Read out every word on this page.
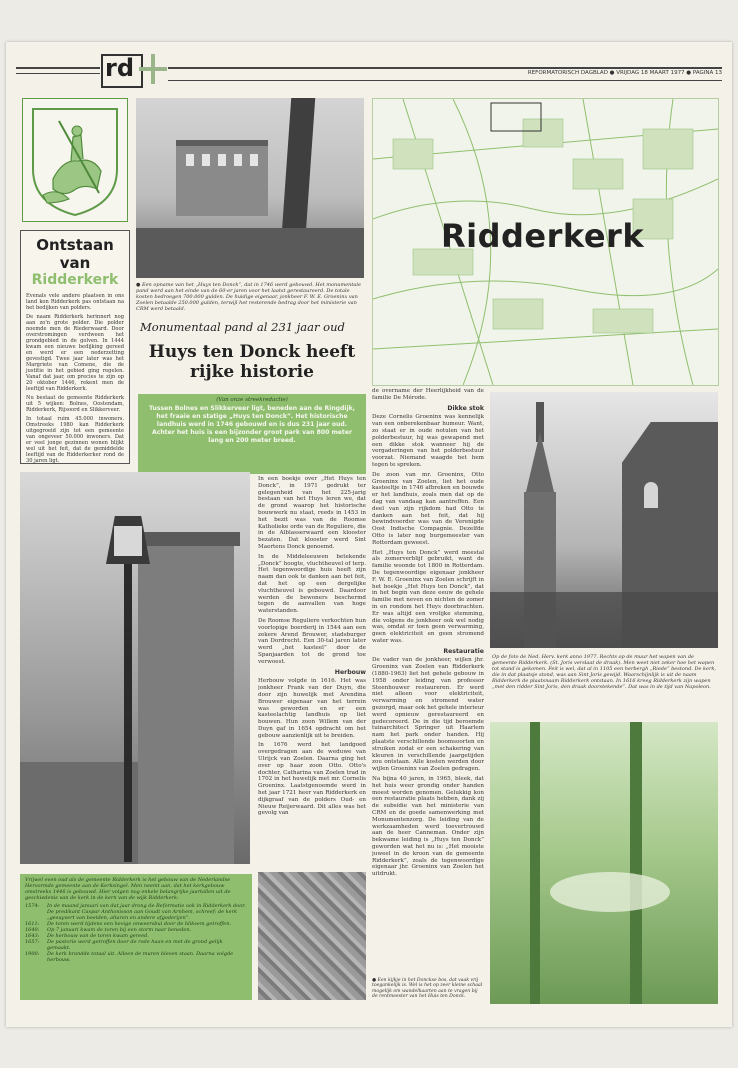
rd	REFORMATORISCH DAGBLAD ● VRIJDAG 18 MAART 1977 ● PAGINA 13
Ontstaan van
Ridderkerk

Evenals vele andere plaatsen in ons land kon Ridderkerk pas ontstaan na het bedijken van polders.

De naam Ridderkerk herinnert nog aan zo'n grote polder. Die polder noemde men de Riederwaard. Door overstromingen verdween het grondgebied in de golven. In 1444 kwam een nieuwe bedijking gereed en werd er een nederzetting gevestigd. Twee jaar later was het Margriete van Comene, die de justitie in het gebied ging regelen. Vanaf dat jaar, om precies te zijn op 20 oktober 1446, rekent men de leeftijd van Ridderkerk.

Nu bestaat de gemeente Ridderkerk uit 5 wijken: Bolnes, Oostendam, Ridderkerk, Rijsoord en Slikkerveer.

In totaal ruim 45.000 inwoners. Omstreeks 1980 kan Ridderkerk uitgegroeid zijn tot een gemeente van ongeveer 50.000 inwoners. Dat er veel jonge gezinnen wonen blijkt wel uit het feit, dat de gemiddelde leeftijd van de Ridderkerker rond de 30 jaren ligt.

● Een opname van het „Huys ten Donck”, dat in 1746 werd gebouwd. Het monumentale pand werd aan het einde van de 60-er jaren voor het laatst gerestaureerd. De totale kosten bedroegen 700.000 gulden. De huidige eigenaar, jonkheer F. W. E. Groeninx van Zoelen betaalde 250.000 gulden, terwijl het resterende bedrag door het ministerie van CRM werd betaald.
Monumentaal pand al 231 jaar oud
Huys ten Donck heeft rijke historie
Ridderkerk
(Van onze streekredactie)
Tussen Bolnes en Slikkerveer ligt, beneden aan de Ringdijk, het fraaie en statige „Huys ten Donck”. Het historische landhuis werd in 1746 gebouwd en is dus 231 jaar oud. Achter het huis is een bijzonder groot park van 800 meter lang en 200 meter breed.

In een boekje over „Het Huys ten Donck”, in 1971 gedrukt ter gelegenheid van het 225-jarig bestaan van het Huys leren we, dat de grond waarop het historische bouwwerk nu staat, reeds in 1453 in het bezit was van de Roomse Katholieke orde van de Reguliere, die in de Alblasserwaard een klooster bezaten. Dat klooster werd Sint Maertens Donck genoemd.

In de Middeleeuwen betekende „Donck” hoogte, vluchtheuvel of terp. Het tegenwoordige huis heeft zijn naam dan ook te danken aan het feit, dat het op een dergelijke vluchtheuvel is gebouwd. Daardoor werden de bewoners beschermd tegen de aanvallen van hoge waterstanden.

De Roomse Reguliere verkochten hun voorlopige boerderij in 1544 aan een zekere Arend Brouwer, stadsburger van Dordrecht. Een 30-tal jaren later werd „het kasteel” door de Spanjaarden tot de grond toe verwoest.

Herbouw

Herbouw volgde in 1616. Het was jonkheer Frank van der Duyn, die door zijn huwelijk met Arendina Brouwer eigenaar van het terrein was geworden en er een kasteelachtig landhuis op liet bouwen. Hun zoon Willem van der Duyn gaf in 1654 opdracht om het gebouw aanzienlijk uit te breiden.

In 1676 werd het landgoed overgedragen aan de weduwe van Ulrijck van Zoelen. Daarna ging het over op haar zoon Otto. Otto's dochter, Catharina van Zoelen trad in 1702 in het huwelijk met mr. Cornelis Groeninx. Laatstgenoemde werd in het jaar 1721 heer van Ridderkerk en dijkgraaf van de polders Oud- en Nieuw Reijerwaard. Dit alles was het gevolg van

de overname der Heerlijkheid van de familie De Mérode.

Dikke stok

Deze Cornelis Groeninx was kennelijk van een onberekenbaar humeur. Want, zo staat er in oude notulen van het polderbestuur, hij was gewapend met een dikke stok wanneer hij de vergaderingen van het polderbestuur voorzat. Niemand waagde het hem tegen te spreken.

De zoon van mr. Groeninx, Otto Groeninx van Zoelen, liet het oude kasteeltje in 1746 afbreken en bouwde er het landhuis, zoals men dat op de dag van vandaag kan aantreffen. Een deel van zijn rijkdom had Otto te danken aan het feit, dat hij bewindvoerder was van de Verenigde Oost Indische Compagnie. Dezelfde Otto is later nog burgemeester van Rotterdam geweest.

Het „Huys ten Donck” werd meestal als zomerverblijf gebruikt, want de familie woonde tot 1800 in Rotterdam. De tegenwoordige eigenaar jonkheer F. W. E. Groeninx van Zoelen schrijft in het boekje „Het Huys ten Donck”, dat in het begin van deze eeuw de gehele familie met neven en nichten de zomer in en rondom het Huys doorbrachten. Er was altijd een vrolijke stemming, die volgens de jonkheer ook wel nodig was, omdat er toen geen verwarming, geen elektriciteit en geen stromend water was.

Restauratie

De vader van de jonkheer, wijlen jhr. Groeninx van Zoelen van Ridderkerk (1880-1963) liet het gehele gebouw in 1958 onder leiding van professor Steenhouwer restaureren. Er werd niet alleen voor elektriciteit, verwarming en stromend water gezorgd, maar ook het gehele interieur werd opnieuw gerestaureerd en gedecoreerd. De in die tijd beroemde tuinarchitect Springer uit Haarlem nam het park onder handen. Hij plaatste verschillende boomsoorten en struiken zodat er een schakering van kleuren in verschillende jaargetijden zou ontstaan. Alle kosten werden door wijlen Groeninx van Zoelen gedragen.

Na bijna 40 jaren, in 1965, bleek, dat het huis weer grondig onder handen moest worden genomen. Gelukkig kon een restauratie plaats hebben, dank zij de subsidie van het ministerie van CRM en de goede samenwerking met Monumentenzorg. De leiding van de werkzaamheden werd toevertrouwd aan de heer Canneman. Onder zijn bekwame leiding is „Huys ten Donck” geworden wat het nu is: „Het mooiste juweel in de kroon van de gemeente Ridderkerk”, zoals de tegenwoordige eigenaar jhr. Groeninx van Zoelen het uitdrukt.

Op de foto de Ned. Herv. kerk anno 1977. Rechts op de muur het wapen van de gemeente Ridderkerk. (St. Joris verslaat de draak). Men weet niet zeker hoe het wapen tot stand is gekomen. Feit is wel, dat al in 1105 een herbergh „Riede” bestond. De kerk, die in dat plaatsje stond, was aan Sint Joris gewijd. Waarschijnlijk is uit de naam Ridderkerk de plaatsnaam Ridderkerk ontstaan. In 1616 kreeg Ridderkerk zijn wapen „met den ridder Sint Joris, den draak doorstekende”. Dat was in de tijd van Napoleon.
Vrijwel even oud als de gemeente Ridderkerk is het gebouw van de Nederlandse Hervormde gemeente aan de Kerksingel. Men neemt aan, dat het kerkgebouw omstreeks 1446 is gebouwd. Hier volgen nog enkele belangrijke jaartallen uit de geschiedenis van de kerk in de kern van de wijk Ridderkerk:
1574:	In de maand januari van dat jaar drong de Reformatie ook in Ridderkerk door. De predikant Caspar Anthonisson aan Goudt van Arnhem, schreef: de kerk „gesuyvert van beelden, altaren en andere afgoderijen”.
1611:	De toren werd tijdens een hevige onweersbui door de bliksem getroffen.
1640:	Op 7 januari kwam de toren bij een storm naar beneden.
1643:	De herbouw van de toren kwam gereed.
1657:	De pastorie werd getroffen door de rode haan en met de grond gelijk gemaakt.
1900:	De kerk brandde totaal uit. Alleen de muren bleven staan. Daarna volgde herbouw.
● Een kijkje in het Donckse bos, dat vaak vrij toegankelijk is. Wel is het op zeer kleine schaal mogelijk om wandelkaarten aan te vragen bij de rentmeester van het Huis ten Donck.
